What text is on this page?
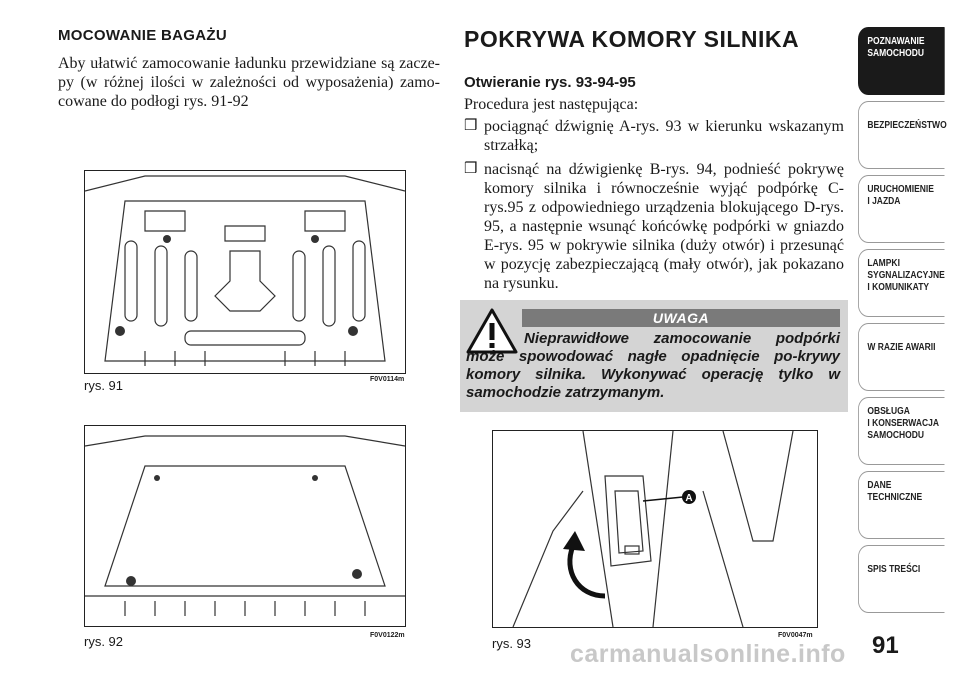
MOCOWANIE BAGAŻU
Aby ułatwić zamocowanie ładunku przewidziane są zacze-py (w różnej ilości w zależności od wyposażenia) zamo-cowane do podłogi rys. 91-92
rys. 91	F0V0114m
rys. 92	F0V0122m
POKRYWA KOMORY SILNIKA
Otwieranie rys. 93-94-95
Procedura jest następująca:
❒ pociągnąć dźwignię A-rys. 93 w kierunku wskazanym strzałką;
❒ nacisnąć na dźwigienkę B-rys. 94, podnieść pokrywę komory silnika i równocześnie wyjąć podpórkę C-rys.95 z odpowiedniego urządzenia blokującego D-rys. 95, a następnie wsunąć końcówkę podpórki w gniazdo E-rys. 95 w pokrywie silnika (duży otwór) i przesunąć w pozycję zabezpieczającą (mały otwór), jak pokazano na rysunku.
UWAGA
Nieprawidłowe zamocowanie podpórki może spowodować nagłe opadnięcie po-krywy komory silnika. Wykonywać operację tylko w samochodzie zatrzymanym.
A
rys. 93
F0V0047m
POZNAWANIE
SAMOCHODU
BEZPIECZEŃSTWO
URUCHOMIENIE
I JAZDA
LAMPKI
SYGNALIZACYJNE
I KOMUNIKATY
W RAZIE AWARII
OBSŁUGA
I KONSERWACJA
SAMOCHODU
DANE
TECHNICZNE
SPIS TREŚCI
91
carmanualsonline.info
